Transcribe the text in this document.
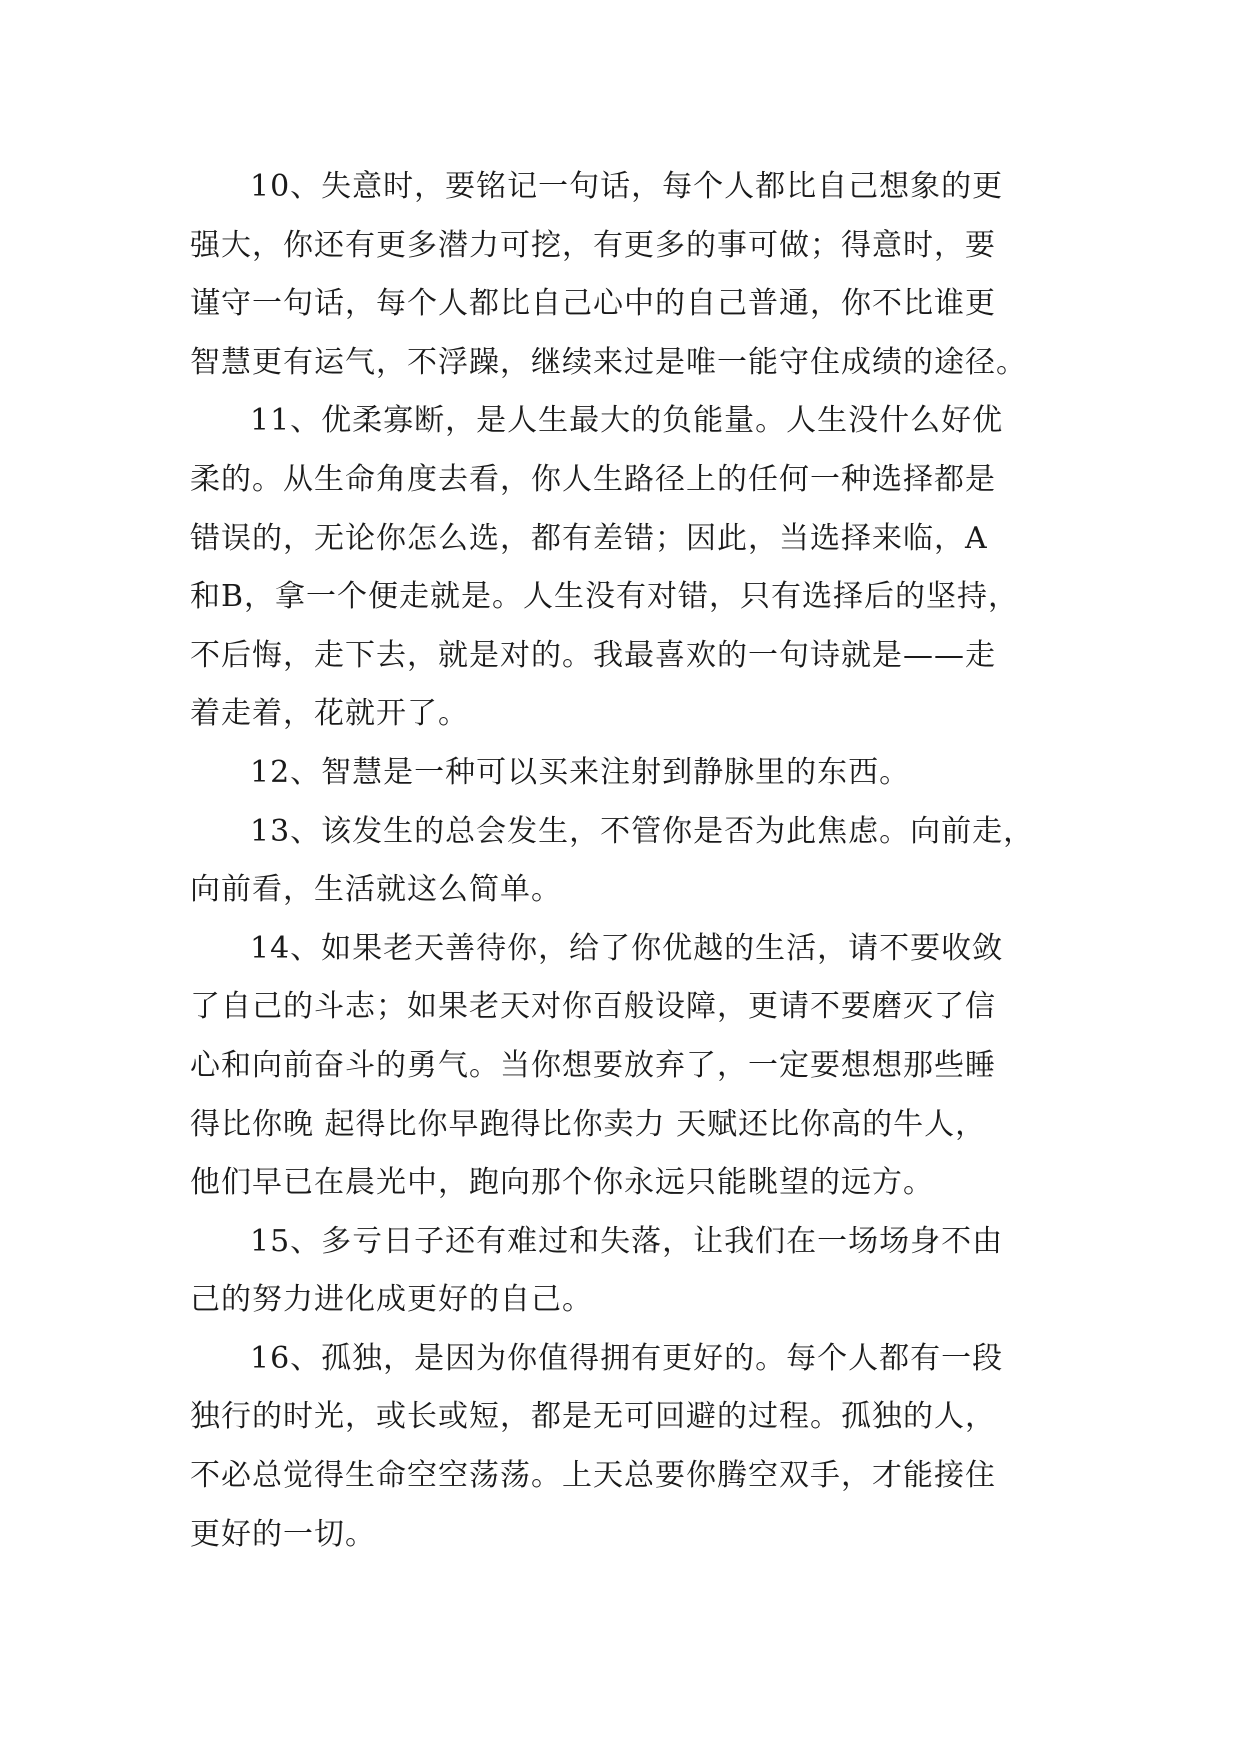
10、失意时，要铭记一句话，每个人都比自己想象的更
强大，你还有更多潜力可挖，有更多的事可做；得意时，要
谨守一句话，每个人都比自己心中的自己普通，你不比谁更
智慧更有运气，不浮躁，继续来过是唯一能守住成绩的途径。

11、优柔寡断，是人生最大的负能量。人生没什么好优
柔的。从生命角度去看，你人生路径上的任何一种选择都是
错误的，无论你怎么选，都有差错；因此，当选择来临，A
和B，拿一个便走就是。人生没有对错，只有选择后的坚持，
不后悔，走下去，就是对的。我最喜欢的一句诗就是——走
着走着，花就开了。

12、智慧是一种可以买来注射到静脉里的东西。

13、该发生的总会发生，不管你是否为此焦虑。向前走，
向前看，生活就这么简单。

14、如果老天善待你，给了你优越的生活，请不要收敛
了自己的斗志；如果老天对你百般设障，更请不要磨灭了信
心和向前奋斗的勇气。当你想要放弃了，一定要想想那些睡
得比你晚 起得比你早跑得比你卖力 天赋还比你高的牛人，
他们早已在晨光中，跑向那个你永远只能眺望的远方。

15、多亏日子还有难过和失落，让我们在一场场身不由
己的努力进化成更好的自己。

16、孤独，是因为你值得拥有更好的。每个人都有一段
独行的时光，或长或短，都是无可回避的过程。孤独的人，
不必总觉得生命空空荡荡。上天总要你腾空双手，才能接住
更好的一切。
